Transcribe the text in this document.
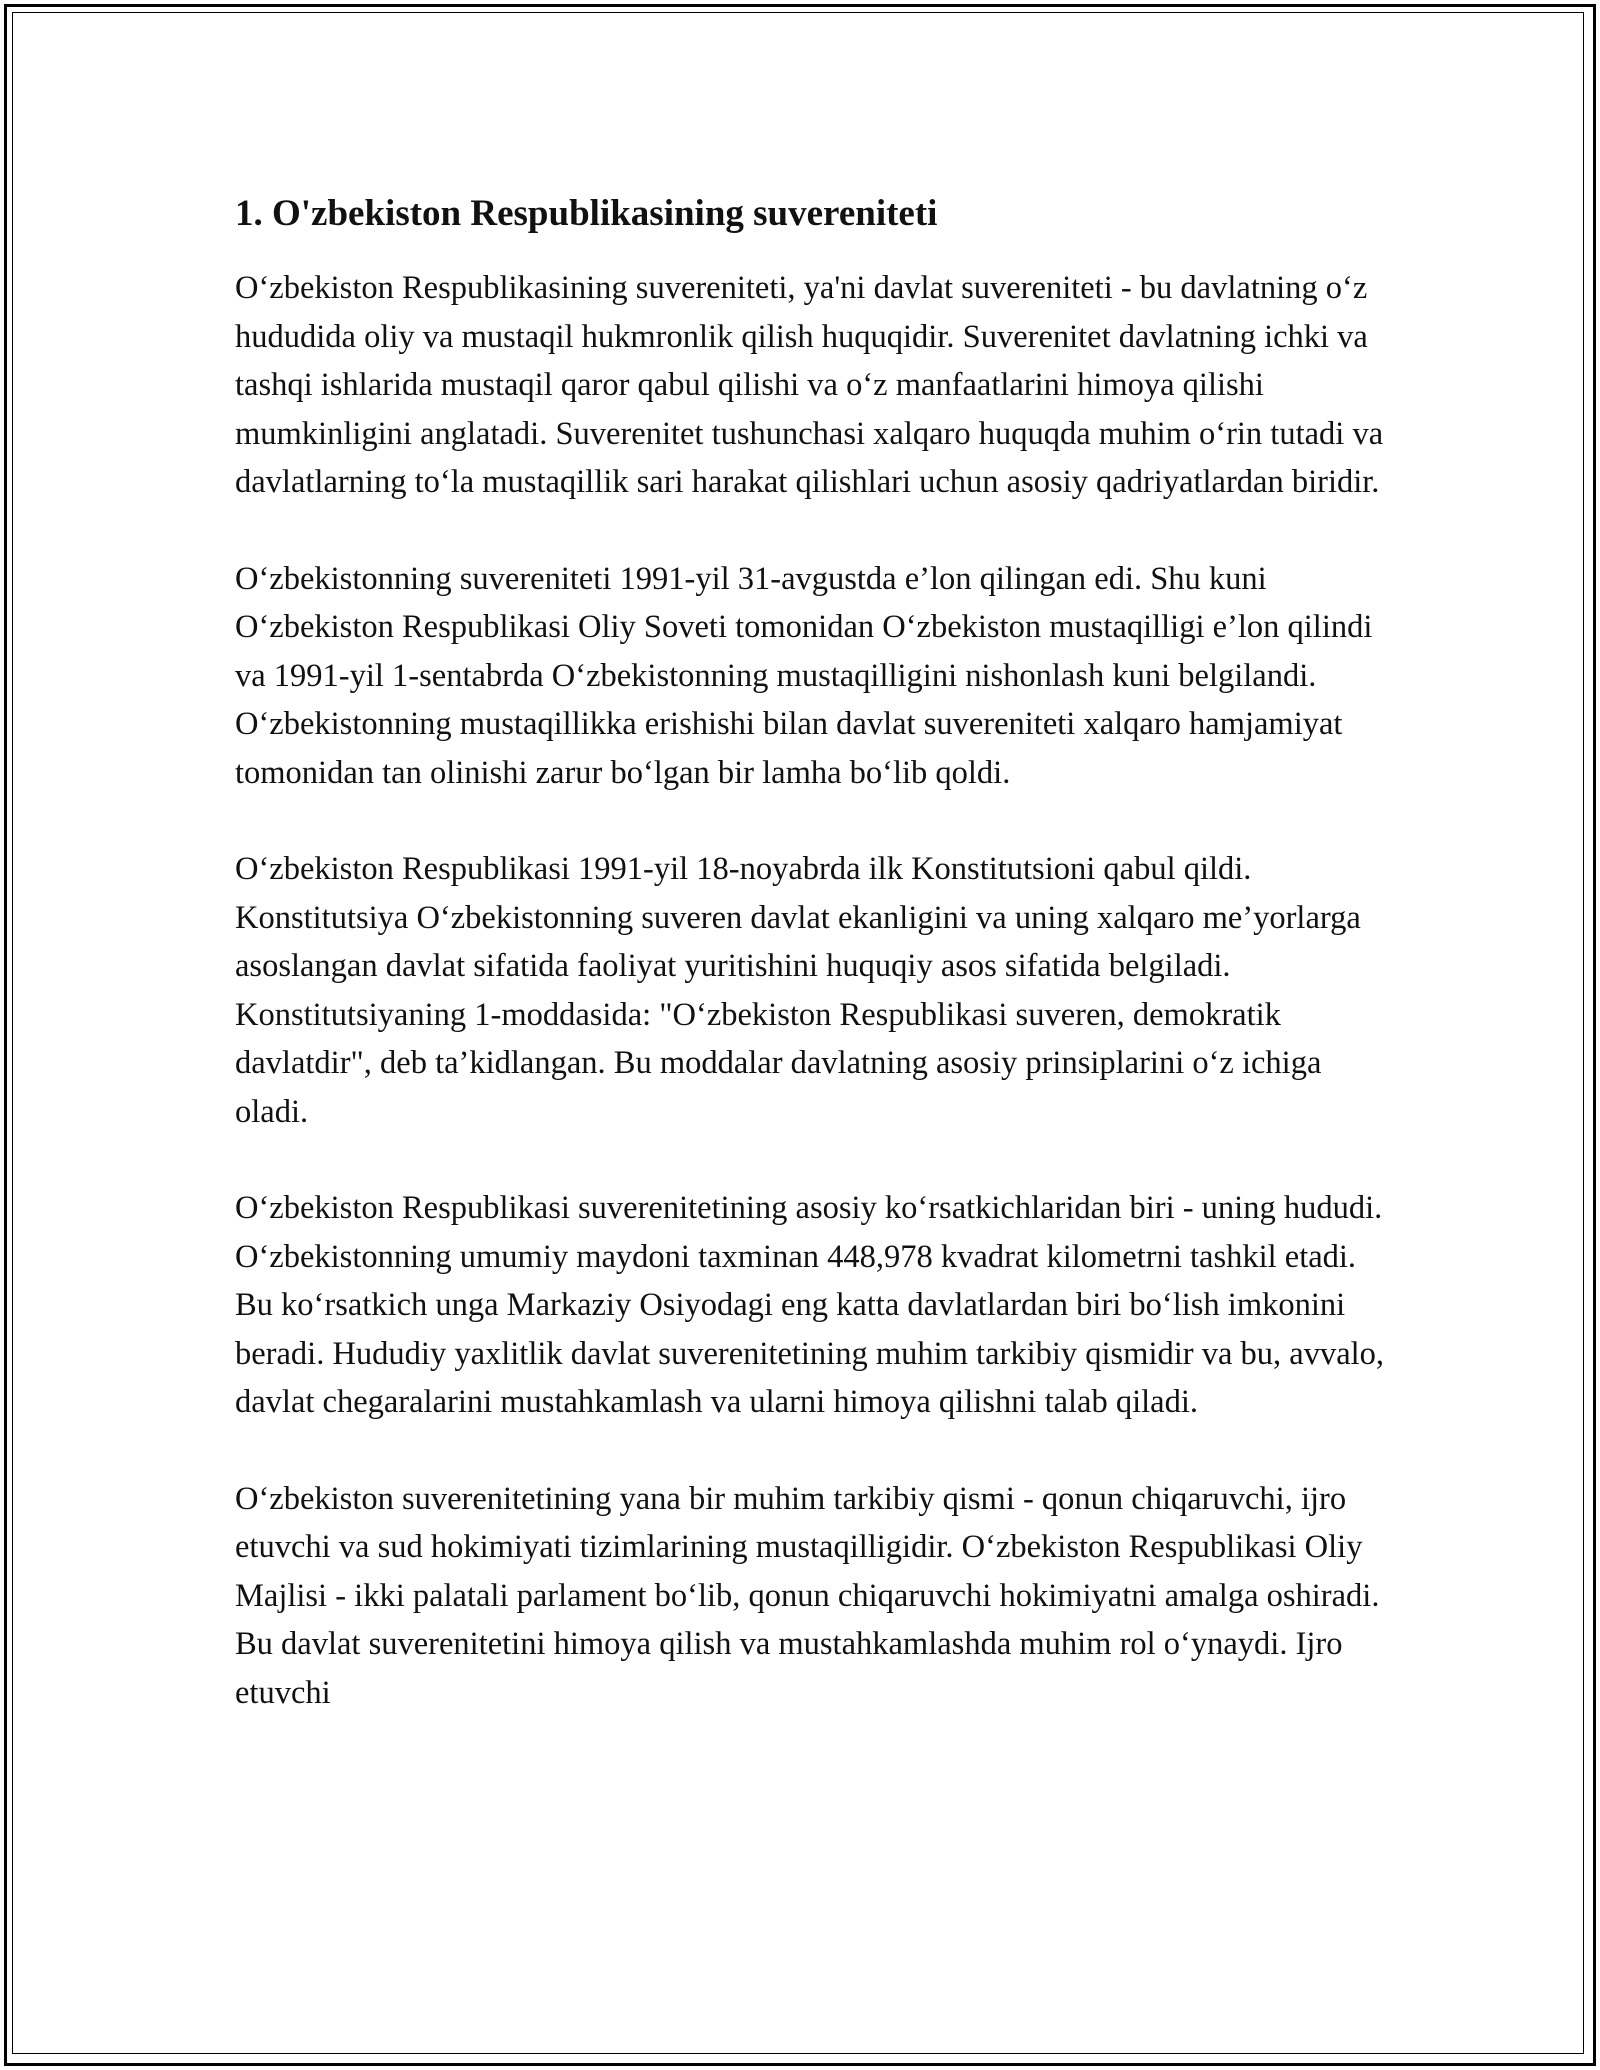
1. O'zbekiston Respublikasining suvereniteti

O‘zbekiston Respublikasining suvereniteti, ya'ni davlat suvereniteti - bu davlatning o‘z hududida oliy va mustaqil hukmronlik qilish huquqidir. Suverenitet davlatning ichki va tashqi ishlarida mustaqil qaror qabul qilishi va o‘z manfaatlarini himoya qilishi mumkinligini anglatadi. Suverenitet tushunchasi xalqaro huquqda muhim o‘rin tutadi va davlatlarning to‘la mustaqillik sari harakat qilishlari uchun asosiy qadriyatlardan biridir.

O‘zbekistonning suvereniteti 1991-yil 31-avgustda e’lon qilingan edi. Shu kuni O‘zbekiston Respublikasi Oliy Soveti tomonidan O‘zbekiston mustaqilligi e’lon qilindi va 1991-yil 1-sentabrda O‘zbekistonning mustaqilligini nishonlash kuni belgilandi. O‘zbekistonning mustaqillikka erishishi bilan davlat suvereniteti xalqaro hamjamiyat tomonidan tan olinishi zarur bo‘lgan bir lamha bo‘lib qoldi.

O‘zbekiston Respublikasi 1991-yil 18-noyabrda ilk Konstitutsioni qabul qildi. Konstitutsiya O‘zbekistonning suveren davlat ekanligini va uning xalqaro me’yorlarga asoslangan davlat sifatida faoliyat yuritishini huquqiy asos sifatida belgiladi. Konstitutsiyaning 1-moddasida: "O‘zbekiston Respublikasi suveren, demokratik davlatdir", deb ta’kidlangan. Bu moddalar davlatning asosiy prinsiplarini o‘z ichiga oladi.

O‘zbekiston Respublikasi suverenitetining asosiy ko‘rsatkichlaridan biri - uning hududi. O‘zbekistonning umumiy maydoni taxminan 448,978 kvadrat kilometrni tashkil etadi. Bu ko‘rsatkich unga Markaziy Osiyodagi eng katta davlatlardan biri bo‘lish imkonini beradi. Hududiy yaxlitlik davlat suverenitetining muhim tarkibiy qismidir va bu, avvalo, davlat chegaralarini mustahkamlash va ularni himoya qilishni talab qiladi.

O‘zbekiston suverenitetining yana bir muhim tarkibiy qismi - qonun chiqaruvchi, ijro etuvchi va sud hokimiyati tizimlarining mustaqilligidir. O‘zbekiston Respublikasi Oliy Majlisi - ikki palatali parlament bo‘lib, qonun chiqaruvchi hokimiyatni amalga oshiradi. Bu davlat suverenitetini himoya qilish va mustahkamlashda muhim rol o‘ynaydi. Ijro etuvchi
